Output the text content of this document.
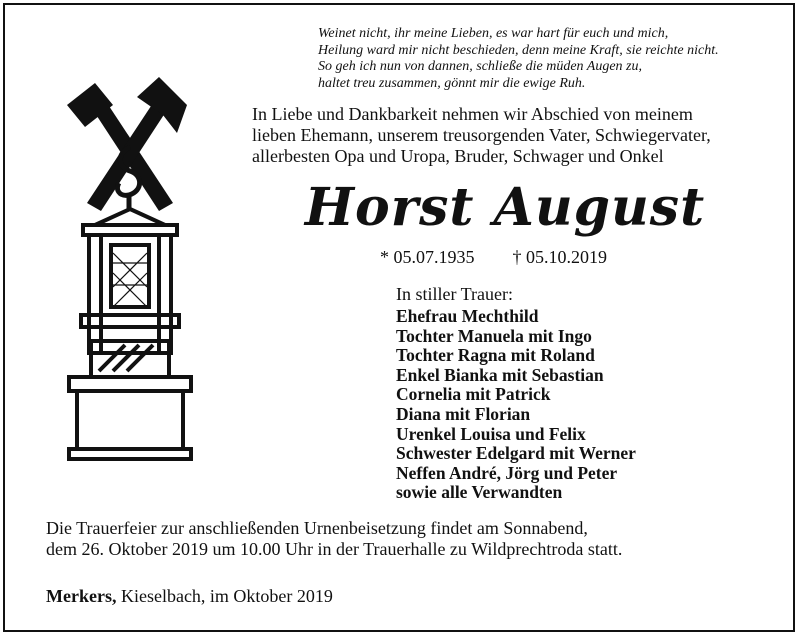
Weinet nicht, ihr meine Lieben, es war hart für euch und mich,
Heilung ward mir nicht beschieden, denn meine Kraft, sie reichte nicht.
So geh ich nun von dannen, schließe die müden Augen zu,
haltet treu zusammen, gönnt mir die ewige Ruh.
In Liebe und Dankbarkeit nehmen wir Abschied von meinem
lieben Ehemann, unserem treusorgenden Vater, Schwiegervater,
allerbesten Opa und Uropa, Bruder, Schwager und Onkel
Horst August
* 05.07.1935 † 05.10.2019
In stiller Trauer:
Ehefrau Mechthild
Tochter Manuela mit Ingo
Tochter Ragna mit Roland
Enkel Bianka mit Sebastian
Cornelia mit Patrick
Diana mit Florian
Urenkel Louisa und Felix
Schwester Edelgard mit Werner
Neffen André, Jörg und Peter
sowie alle Verwandten
Die Trauerfeier zur anschließenden Urnenbeisetzung findet am Sonnabend,
dem 26. Oktober 2019 um 10.00 Uhr in der Trauerhalle zu Wildprechtroda statt.
Merkers, Kieselbach, im Oktober 2019
